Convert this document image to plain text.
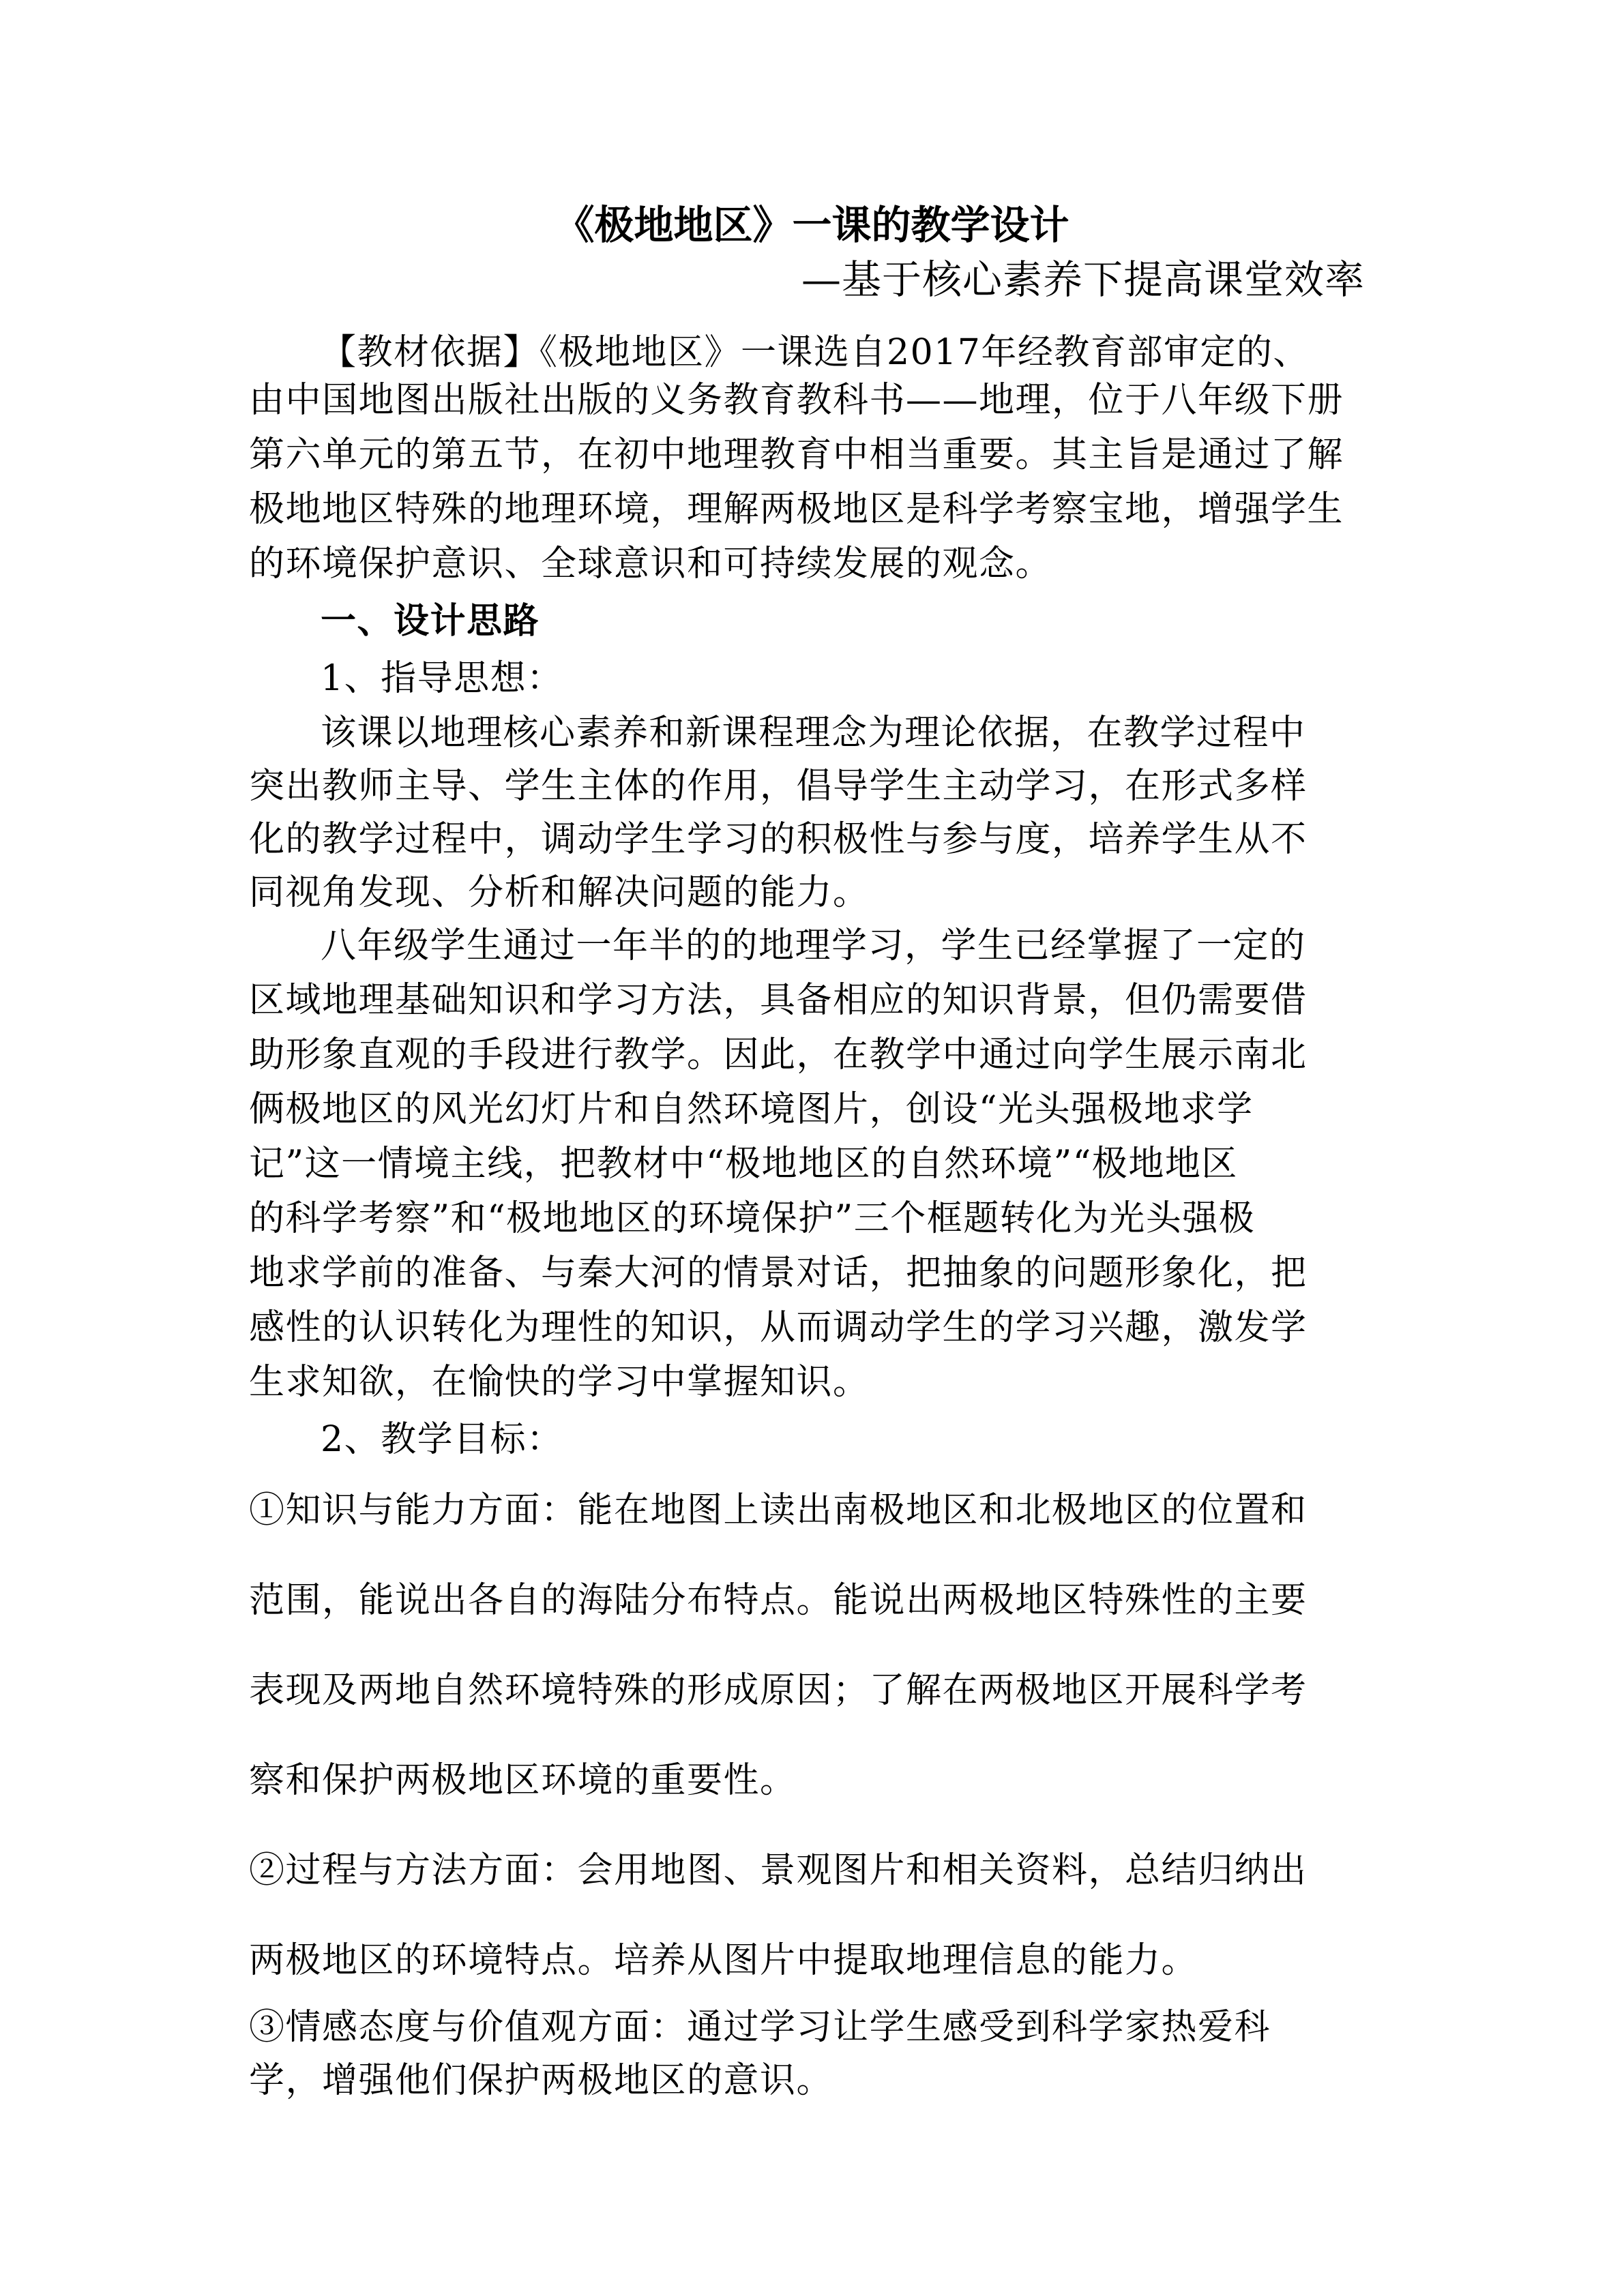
《极地地区》一课的教学设计
—基于核心素养下提高课堂效率
【教材依据】《极地地区》一课选自2017年经教育部审定的、
由中国地图出版社出版的义务教育教科书——地理，位于八年级下册
第六单元的第五节，在初中地理教育中相当重要。其主旨是通过了解
极地地区特殊的地理环境，理解两极地区是科学考察宝地，增强学生
的环境保护意识、全球意识和可持续发展的观念。
一、设计思路
1、指导思想：
该课以地理核心素养和新课程理念为理论依据，在教学过程中
突出教师主导、学生主体的作用，倡导学生主动学习，在形式多样
化的教学过程中，调动学生学习的积极性与参与度，培养学生从不
同视角发现、分析和解决问题的能力。
八年级学生通过一年半的的地理学习，学生已经掌握了一定的
区域地理基础知识和学习方法，具备相应的知识背景，但仍需要借
助形象直观的手段进行教学。因此，在教学中通过向学生展示南北
俩极地区的风光幻灯片和自然环境图片，创设“光头强极地求学
记”这一情境主线，把教材中“极地地区的自然环境”“极地地区
的科学考察”和“极地地区的环境保护”三个框题转化为光头强极
地求学前的准备、与秦大河的情景对话，把抽象的问题形象化，把
感性的认识转化为理性的知识，从而调动学生的学习兴趣，激发学
生求知欲，在愉快的学习中掌握知识。
2、教学目标：
①知识与能力方面：能在地图上读出南极地区和北极地区的位置和
范围，能说出各自的海陆分布特点。能说出两极地区特殊性的主要
表现及两地自然环境特殊的形成原因；了解在两极地区开展科学考
察和保护两极地区环境的重要性。
②过程与方法方面：会用地图、景观图片和相关资料，总结归纳出
两极地区的环境特点。培养从图片中提取地理信息的能力。
③情感态度与价值观方面：通过学习让学生感受到科学家热爱科
学，增强他们保护两极地区的意识。
